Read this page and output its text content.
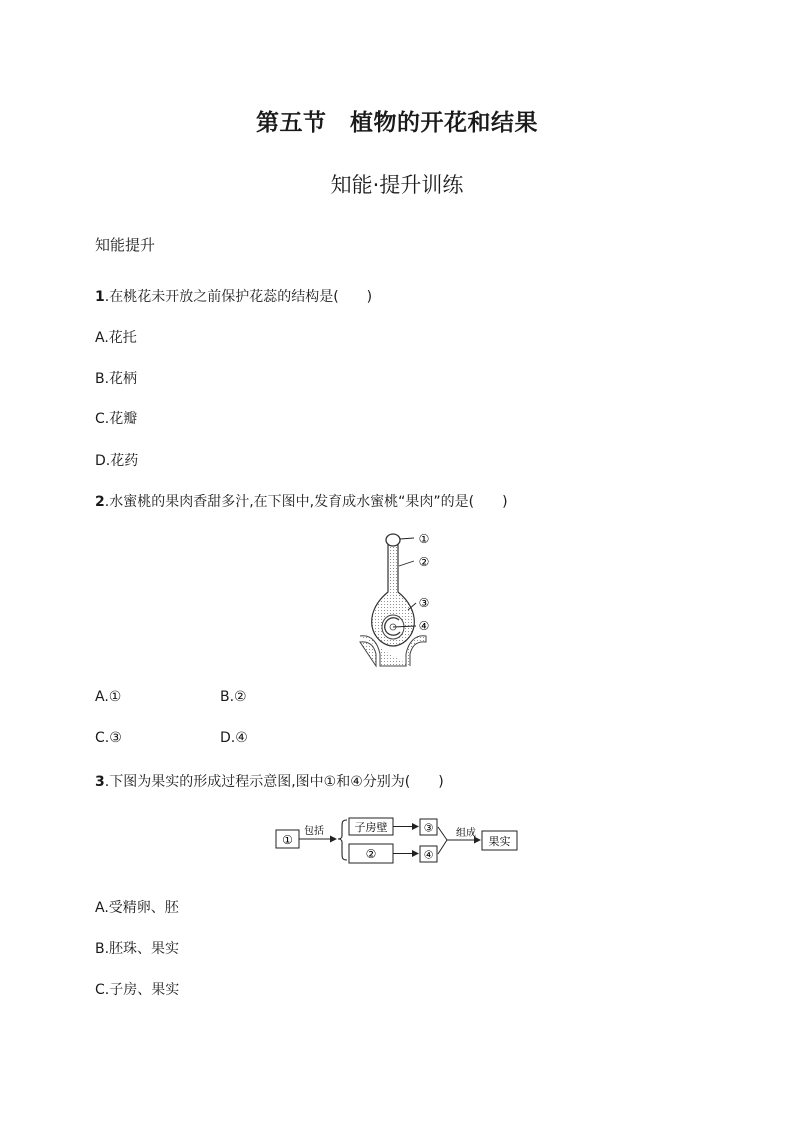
第五节　植物的开花和结果
知能·提升训练
知能提升
1.在桃花未开放之前保护花蕊的结构是(　　)
A.花托
B.花柄
C.花瓣
D.花药
2.水蜜桃的果肉香甜多汁,在下图中,发育成水蜜桃“果肉”的是(　　)
①
②
③
④
A.①	B.②
C.③	D.④
3.下图为果实的形成过程示意图,图中①和④分别为(　　)
①
包括	子房壁
②
③
④
组成
果实
A.受精卵、胚
B.胚珠、果实
C.子房、果实
